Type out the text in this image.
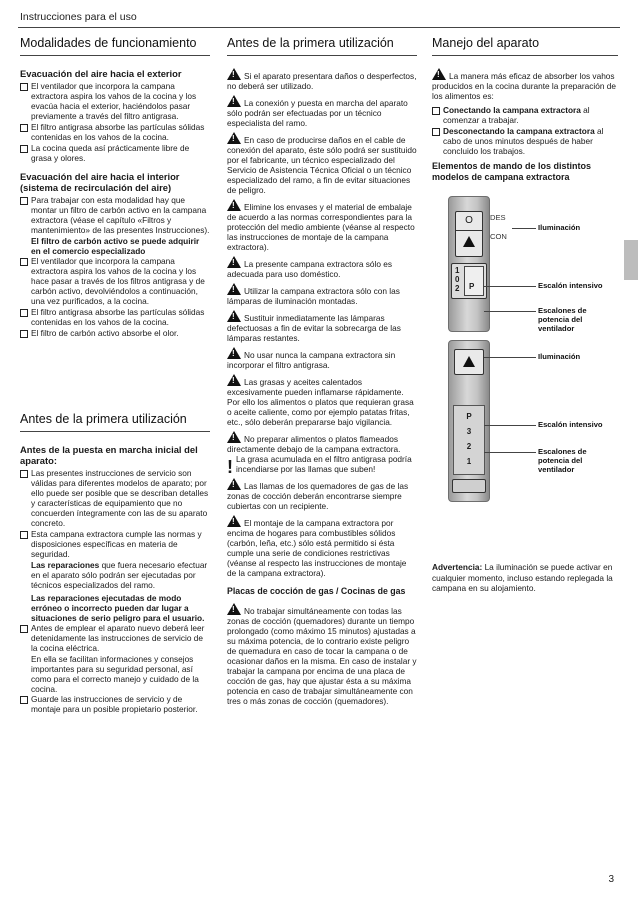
Instrucciones para el uso
Modalidades de funcionamiento
Evacuación del aire hacia el exterior
El ventilador que incorpora la campana extractora aspira los vahos de la cocina y los evacúa hacia el exterior, haciéndolos pasar previamente a través del filtro antigrasa.
El filtro antigrasa absorbe las partículas sólidas contenidas en los vahos de la cocina.
La cocina queda así prácticamente libre de grasa y olores.
Evacuación del aire hacia el interior (sistema de recirculación del aire)
Para trabajar con esta modalidad hay que montar un filtro de carbón activo en la campana extractora (véase el capítulo «Filtros y mantenimiento» de las presentes Instrucciones).

El filtro de carbón activo se puede adquirir en el comercio especializado

El ventilador que incorpora la campana extractora aspira los vahos de la cocina y los hace pasar a través de los filtros antigrasa y de carbón activo, devolviéndolos a continuación, una vez purificados, a la cocina.
El filtro antigrasa absorbe las partículas sólidas contenidas en los vahos de la cocina.
El filtro de carbón activo absorbe el olor.
Antes de la primera utilización
Antes de la puesta en marcha inicial del aparato:
Las presentes instrucciones de servicio son válidas para diferentes modelos de aparato; por ello puede ser posible que se describan detalles y características de equipamiento que no concuerden íntegramente con las de su aparato concreto.
Esta campana extractora cumple las normas y disposiciones específicas en materia de seguridad.

Las reparaciones que fuera necesario efectuar en el aparato sólo podrán ser ejecutadas por técnicos especializados del ramo.

Las reparaciones ejecutadas de modo erróneo o incorrecto pueden dar lugar a situaciones de serio peligro para el usuario.

Antes de emplear el aparato nuevo deberá leer detenidamente las instrucciones de servicio de la cocina eléctrica.

En ella se facilitan informaciones y consejos importantes para su seguridad personal, así como para el correcto manejo y cuidado de la cocina.

Guarde las instrucciones de servicio y de montaje para un posible propietario posterior.
Antes de la primera utilización
!Si el aparato presentara daños o desperfectos, no deberá ser utilizado.
!La conexión y puesta en marcha del aparato sólo podrán ser efectuadas por un técnico especialista del ramo.
!En caso de producirse daños en el cable de conexión del aparato, éste sólo podrá ser sustituido por el fabricante, un técnico especializado del Servicio de Asistencia Técnica Oficial o un técnico especializado del ramo, a fin de evitar situaciones de peligro.
!Elimine los envases y el material de embalaje de acuerdo a las normas correspondientes para la protección del medio ambiente (véanse al respecto las instrucciones de montaje de la campana extractora).
!La presente campana extractora sólo es adecuada para uso doméstico.
!Utilizar la campana extractora sólo con las lámparas de iluminación montadas.
!Sustituir inmediatamente las lámparas defectuosas a fin de evitar la sobrecarga de las lámparas restantes.
!No usar nunca la campana extractora sin incorporar el filtro antigrasa.
!Las grasas y aceites calentados excesivamente pueden inflamarse rápidamente. Por ello los alimentos o platos que requieran grasa o aceite caliente, como por ejemplo patatas fritas, etc., sólo deberán prepararse bajo vigilancia.
!No preparar alimentos o platos flameados directamente debajo de la campana extractora.
! La grasa acumulada en el filtro antigrasa podría incendiarse por las llamas que suben!
!Las llamas de los quemadores de gas de las zonas de cocción deberán encontrarse siempre cubiertas con un recipiente.
!El montaje de la campana extractora por encima de hogares para combustibles sólidos (carbón, leña, etc.) sólo está permitido si ésta cumple una serie de condiciones restrictivas (véanse al respecto las instrucciones de montaje de la campana extractora).
Placas de cocción de gas / Cocinas de gas
!No trabajar simultáneamente con todas las zonas de cocción (quemadores) durante un tiempo prolongado (como máximo 15 minutos) ajustadas a su máxima potencia, de lo contrario existe peligro de quemadura en caso de tocar la campana o de ocasionar daños en la misma. En caso de instalar y trabajar la campana por encima de una placa de cocción de gas, hay que ajustar ésta a su máxima potencia en caso de trabajar simultáneamente con tres o más zonas de cocción (quemadores).
Manejo del aparato
!La manera más eficaz de absorber los vahos producidos en la cocina durante la preparación de los alimentos es:
Conectando la campana extractora al comenzar a trabajar.
Desconectando la campana extractora al cabo de unos minutos después de haber concluido los trabajos.
Elementos de mando de los distintos modelos de campana extractora
O
1
0
2 P
DES
CON
Iluminación
Escalón intensivo
Escalones de potencia del ventilador
P
3
2
1
Iluminación
Escalón intensivo
Escalones de potencia del ventilador
Advertencia: La iluminación se puede activar en cualquier momento, incluso estando replegada la campana en su alojamiento.
3
